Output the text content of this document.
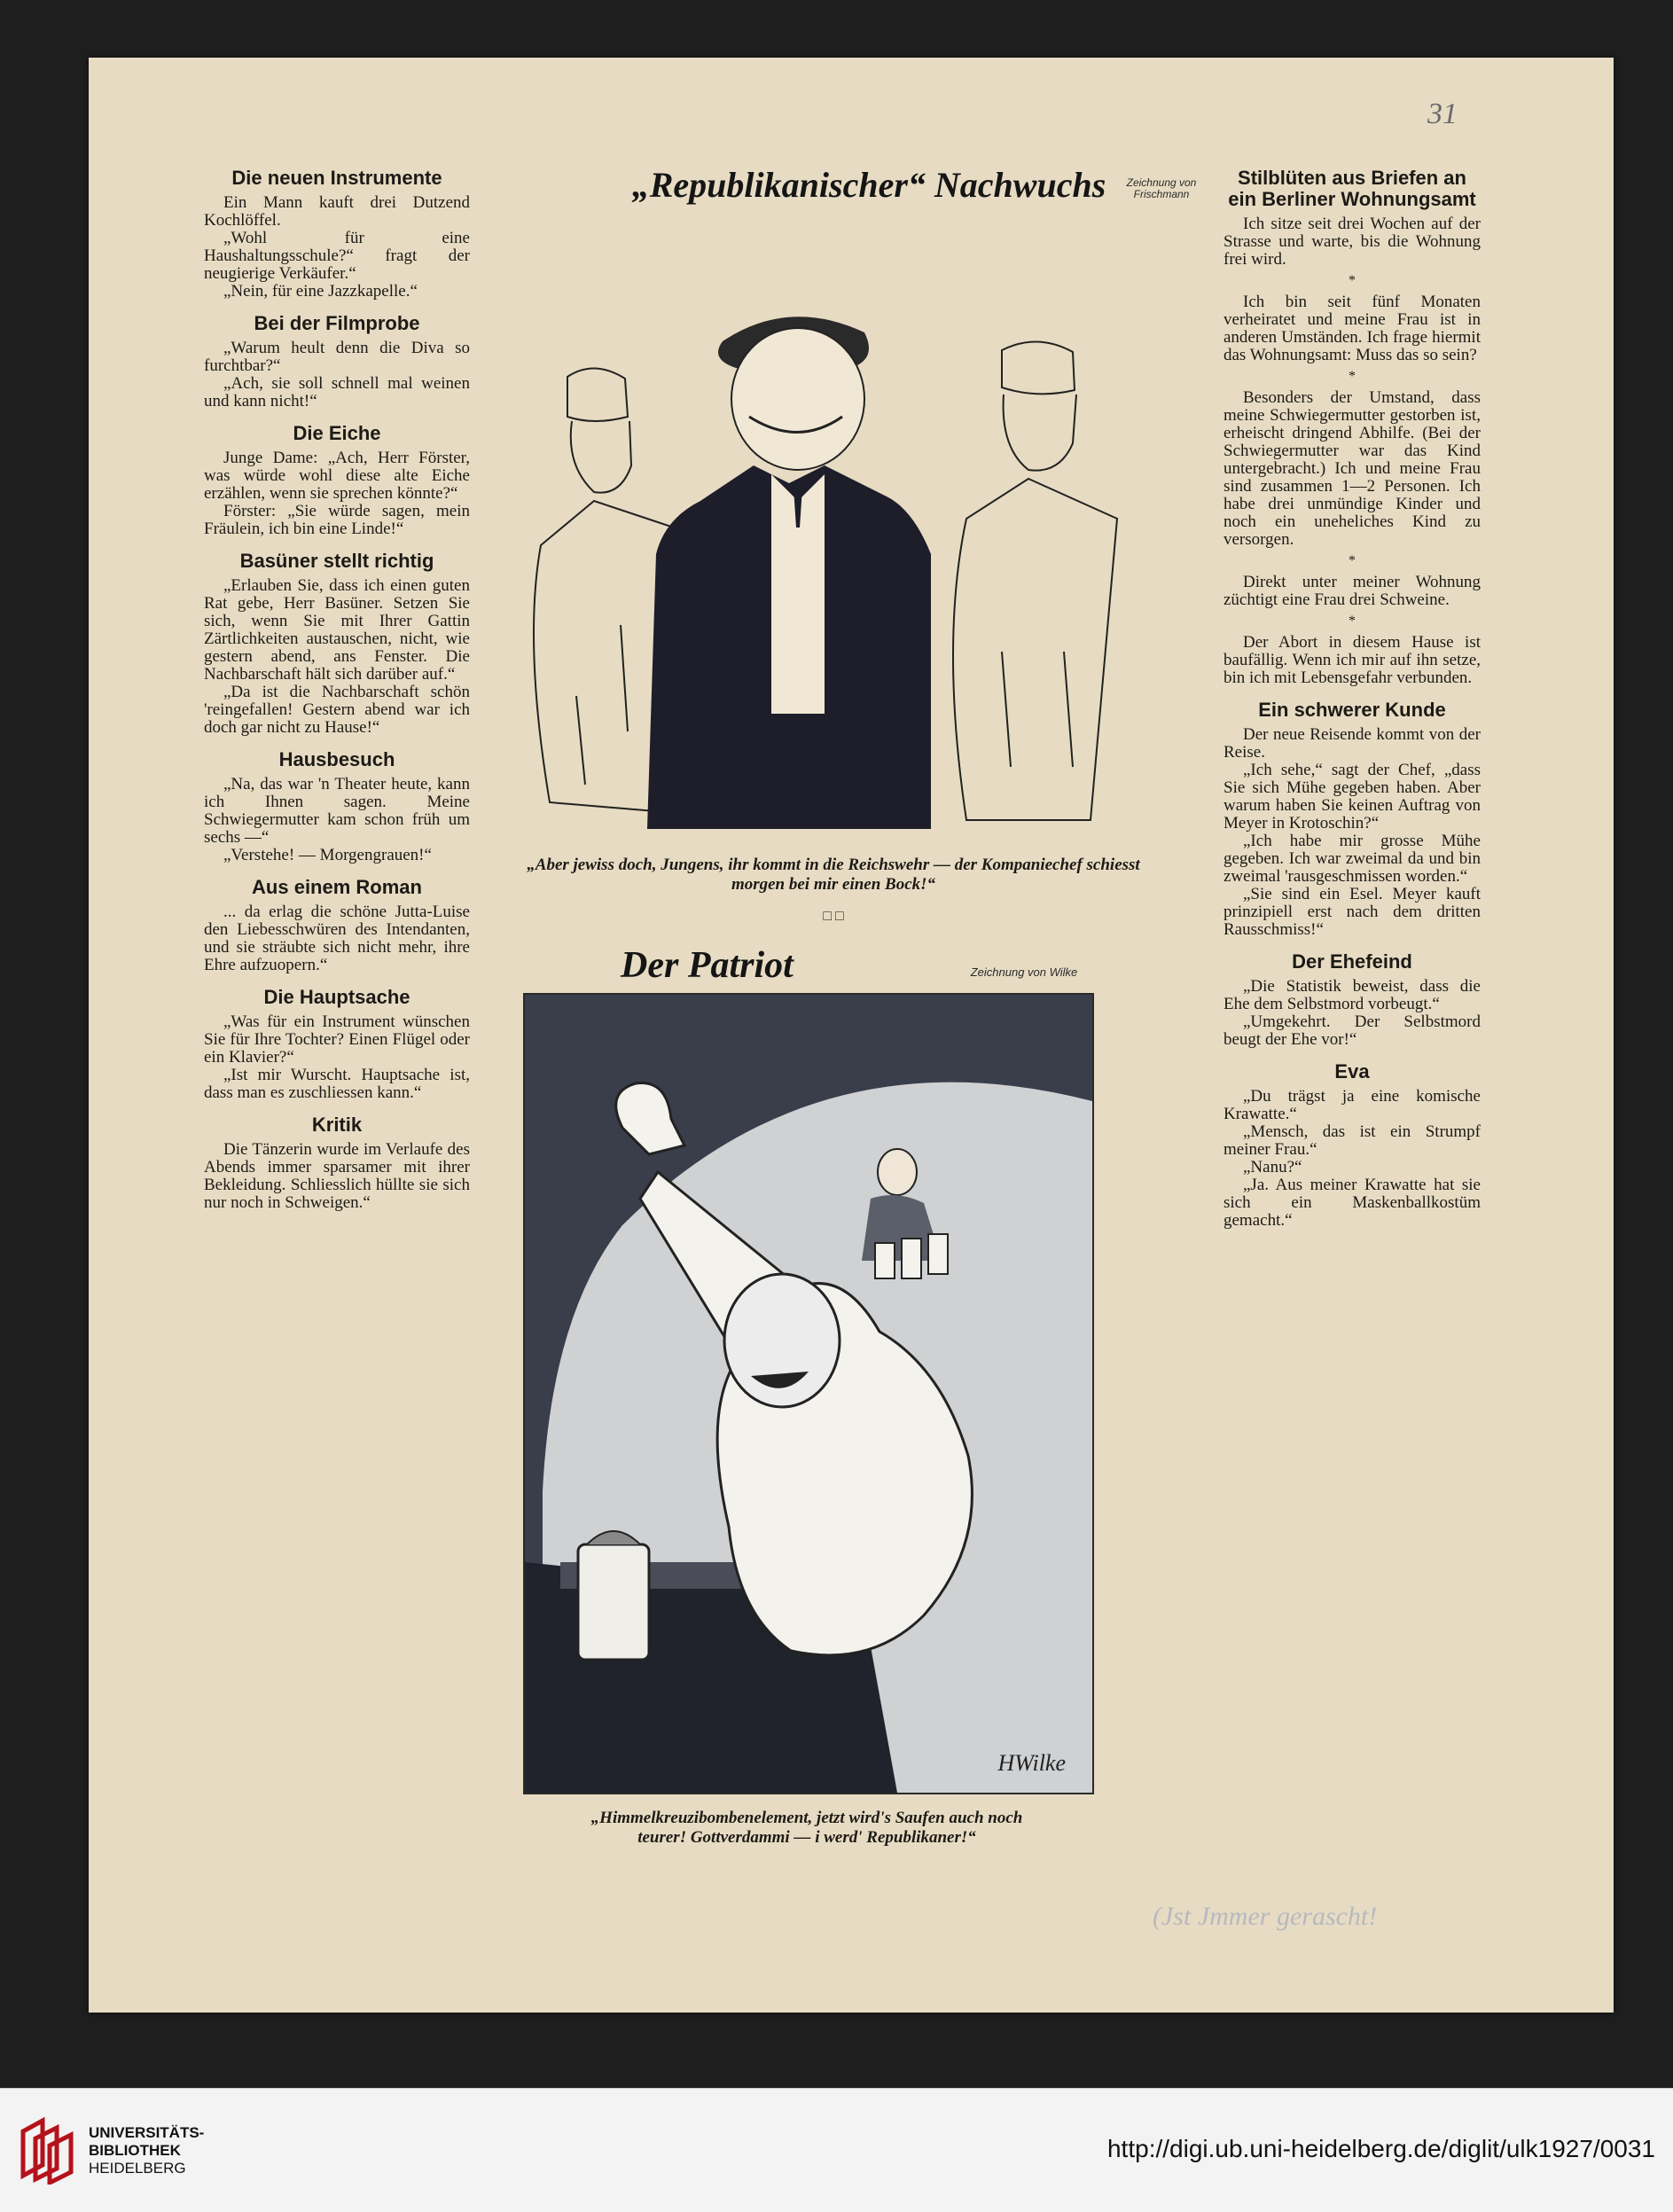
31
Die neuen Instrumente

Ein Mann kauft drei Dutzend Kochlöffel.

„Wohl für eine Haushaltungsschule?“ fragt der neugierige Verkäufer.“

„Nein, für eine Jazzkapelle.“

Bei der Filmprobe

„Warum heult denn die Diva so furchtbar?“

„Ach, sie soll schnell mal weinen und kann nicht!“

Die Eiche

Junge Dame: „Ach, Herr Förster, was würde wohl diese alte Eiche erzählen, wenn sie sprechen könnte?“

Förster: „Sie würde sagen, mein Fräulein, ich bin eine Linde!“

Basüner stellt richtig

„Erlauben Sie, dass ich einen guten Rat gebe, Herr Basüner. Setzen Sie sich, wenn Sie mit Ihrer Gattin Zärtlichkeiten austauschen, nicht, wie gestern abend, ans Fenster. Die Nachbarschaft hält sich darüber auf.“

„Da ist die Nachbarschaft schön 'reingefallen! Gestern abend war ich doch gar nicht zu Hause!“

Hausbesuch

„Na, das war 'n Theater heute, kann ich Ihnen sagen. Meine Schwiegermutter kam schon früh um sechs —“

„Verstehe! — Morgengrauen!“

Aus einem Roman

... da erlag die schöne Jutta-Luise den Liebesschwüren des Intendanten, und sie sträubte sich nicht mehr, ihre Ehre aufzuopern.“

Die Hauptsache

„Was für ein Instrument wünschen Sie für Ihre Tochter? Einen Flügel oder ein Klavier?“

„Ist mir Wurscht. Hauptsache ist, dass man es zuschliessen kann.“

Kritik

Die Tänzerin wurde im Verlaufe des Abends immer sparsamer mit ihrer Bekleidung. Schliesslich hüllte sie sich nur noch in Schweigen.“

„Republikanischer“ Nachwuchs	Zeichnung von Frischmann
„Aber jewiss doch, Jungens, ihr kommt in die Reichswehr — der Kompaniechef schiesst morgen bei mir einen Bock!“
□ □
Der Patriot	Zeichnung von Wilke
HWilke
„Himmelkreuzibombenelement, jetzt wird's Saufen auch noch teurer! Gottverdammi — i werd' Republikaner!“
Stilblüten aus Briefen an ein Berliner Wohnungsamt

Ich sitze seit drei Wochen auf der Strasse und warte, bis die Wohnung frei wird.

*

Ich bin seit fünf Monaten verheiratet und meine Frau ist in anderen Umständen. Ich frage hiermit das Wohnungsamt: Muss das so sein?

*

Besonders der Umstand, dass meine Schwiegermutter gestorben ist, erheischt dringend Abhilfe. (Bei der Schwiegermutter war das Kind untergebracht.) Ich und meine Frau sind zusammen 1—2 Personen. Ich habe drei unmündige Kinder und noch ein uneheliches Kind zu versorgen.

*

Direkt unter meiner Wohnung züchtigt eine Frau drei Schweine.

*

Der Abort in diesem Hause ist baufällig. Wenn ich mir auf ihn setze, bin ich mit Lebensgefahr verbunden.

Ein schwerer Kunde

Der neue Reisende kommt von der Reise.

„Ich sehe,“ sagt der Chef, „dass Sie sich Mühe gegeben haben. Aber warum haben Sie keinen Auftrag von Meyer in Krotoschin?“

„Ich habe mir grosse Mühe gegeben. Ich war zweimal da und bin zweimal 'rausgeschmissen worden.“

„Sie sind ein Esel. Meyer kauft prinzipiell erst nach dem dritten Rausschmiss!“

Der Ehefeind

„Die Statistik beweist, dass die Ehe dem Selbstmord vorbeugt.“

„Umgekehrt. Der Selbstmord beugt der Ehe vor!“

Eva

„Du trägst ja eine komische Krawatte.“

„Mensch, das ist ein Strumpf meiner Frau.“

„Nanu?“

„Ja. Aus meiner Krawatte hat sie sich ein Maskenballkostüm gemacht.“

(Jst Jmmer gerascht!
UNIVERSITÄTS-
BIBLIOTHEK
HEIDELBERG
http://digi.ub.uni-heidelberg.de/diglit/ulk1927/0031
